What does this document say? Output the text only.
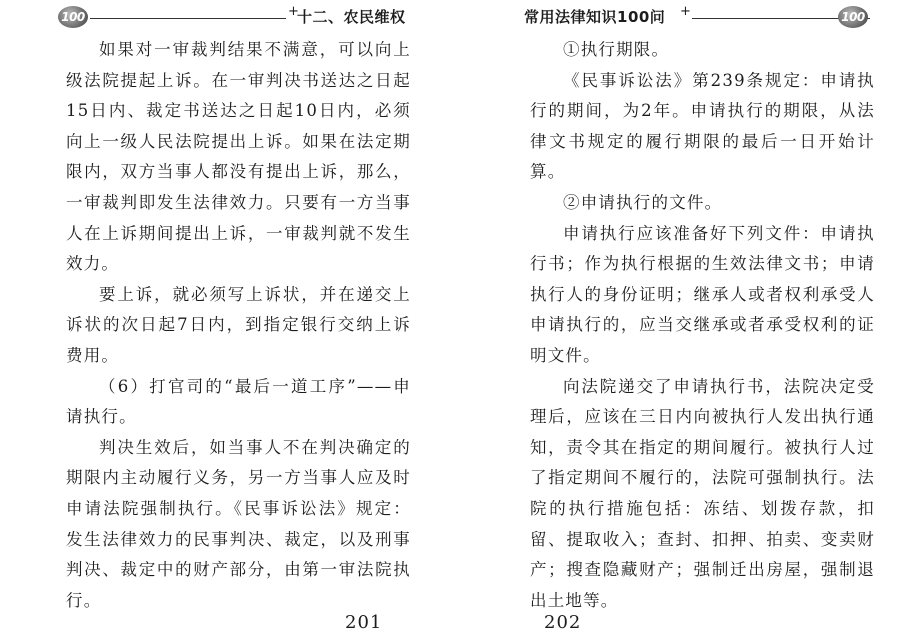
100	+
十二、农民维权

如果对一审裁判结果不满意，可以向上级法院提起上诉。在一审判决书送达之日起15日内、裁定书送达之日起10日内，必须向上一级人民法院提出上诉。如果在法定期限内，双方当事人都没有提出上诉，那么，一审裁判即发生法律效力。只要有一方当事人在上诉期间提出上诉，一审裁判就不发生效力。

要上诉，就必须写上诉状，并在递交上诉状的次日起7日内，到指定银行交纳上诉费用。

（6）打官司的“最后一道工序”——申请执行。

判决生效后，如当事人不在判决确定的期限内主动履行义务，另一方当事人应及时申请法院强制执行。《民事诉讼法》规定：发生法律效力的民事判决、裁定，以及刑事判决、裁定中的财产部分，由第一审法院执行。

201
常用法律知识100问 +	100

①执行期限。

《民事诉讼法》第239条规定：申请执行的期间，为2年。申请执行的期限，从法律文书规定的履行期限的最后一日开始计算。

②申请执行的文件。

申请执行应该准备好下列文件：申请执行书；作为执行根据的生效法律文书；申请执行人的身份证明；继承人或者权利承受人申请执行的，应当交继承或者承受权利的证明文件。

向法院递交了申请执行书，法院决定受理后，应该在三日内向被执行人发出执行通知，责令其在指定的期间履行。被执行人过了指定期间不履行的，法院可强制执行。法院的执行措施包括：冻结、划拨存款，扣留、提取收入；查封、扣押、拍卖、变卖财产；搜查隐藏财产；强制迁出房屋，强制退出土地等。

202
